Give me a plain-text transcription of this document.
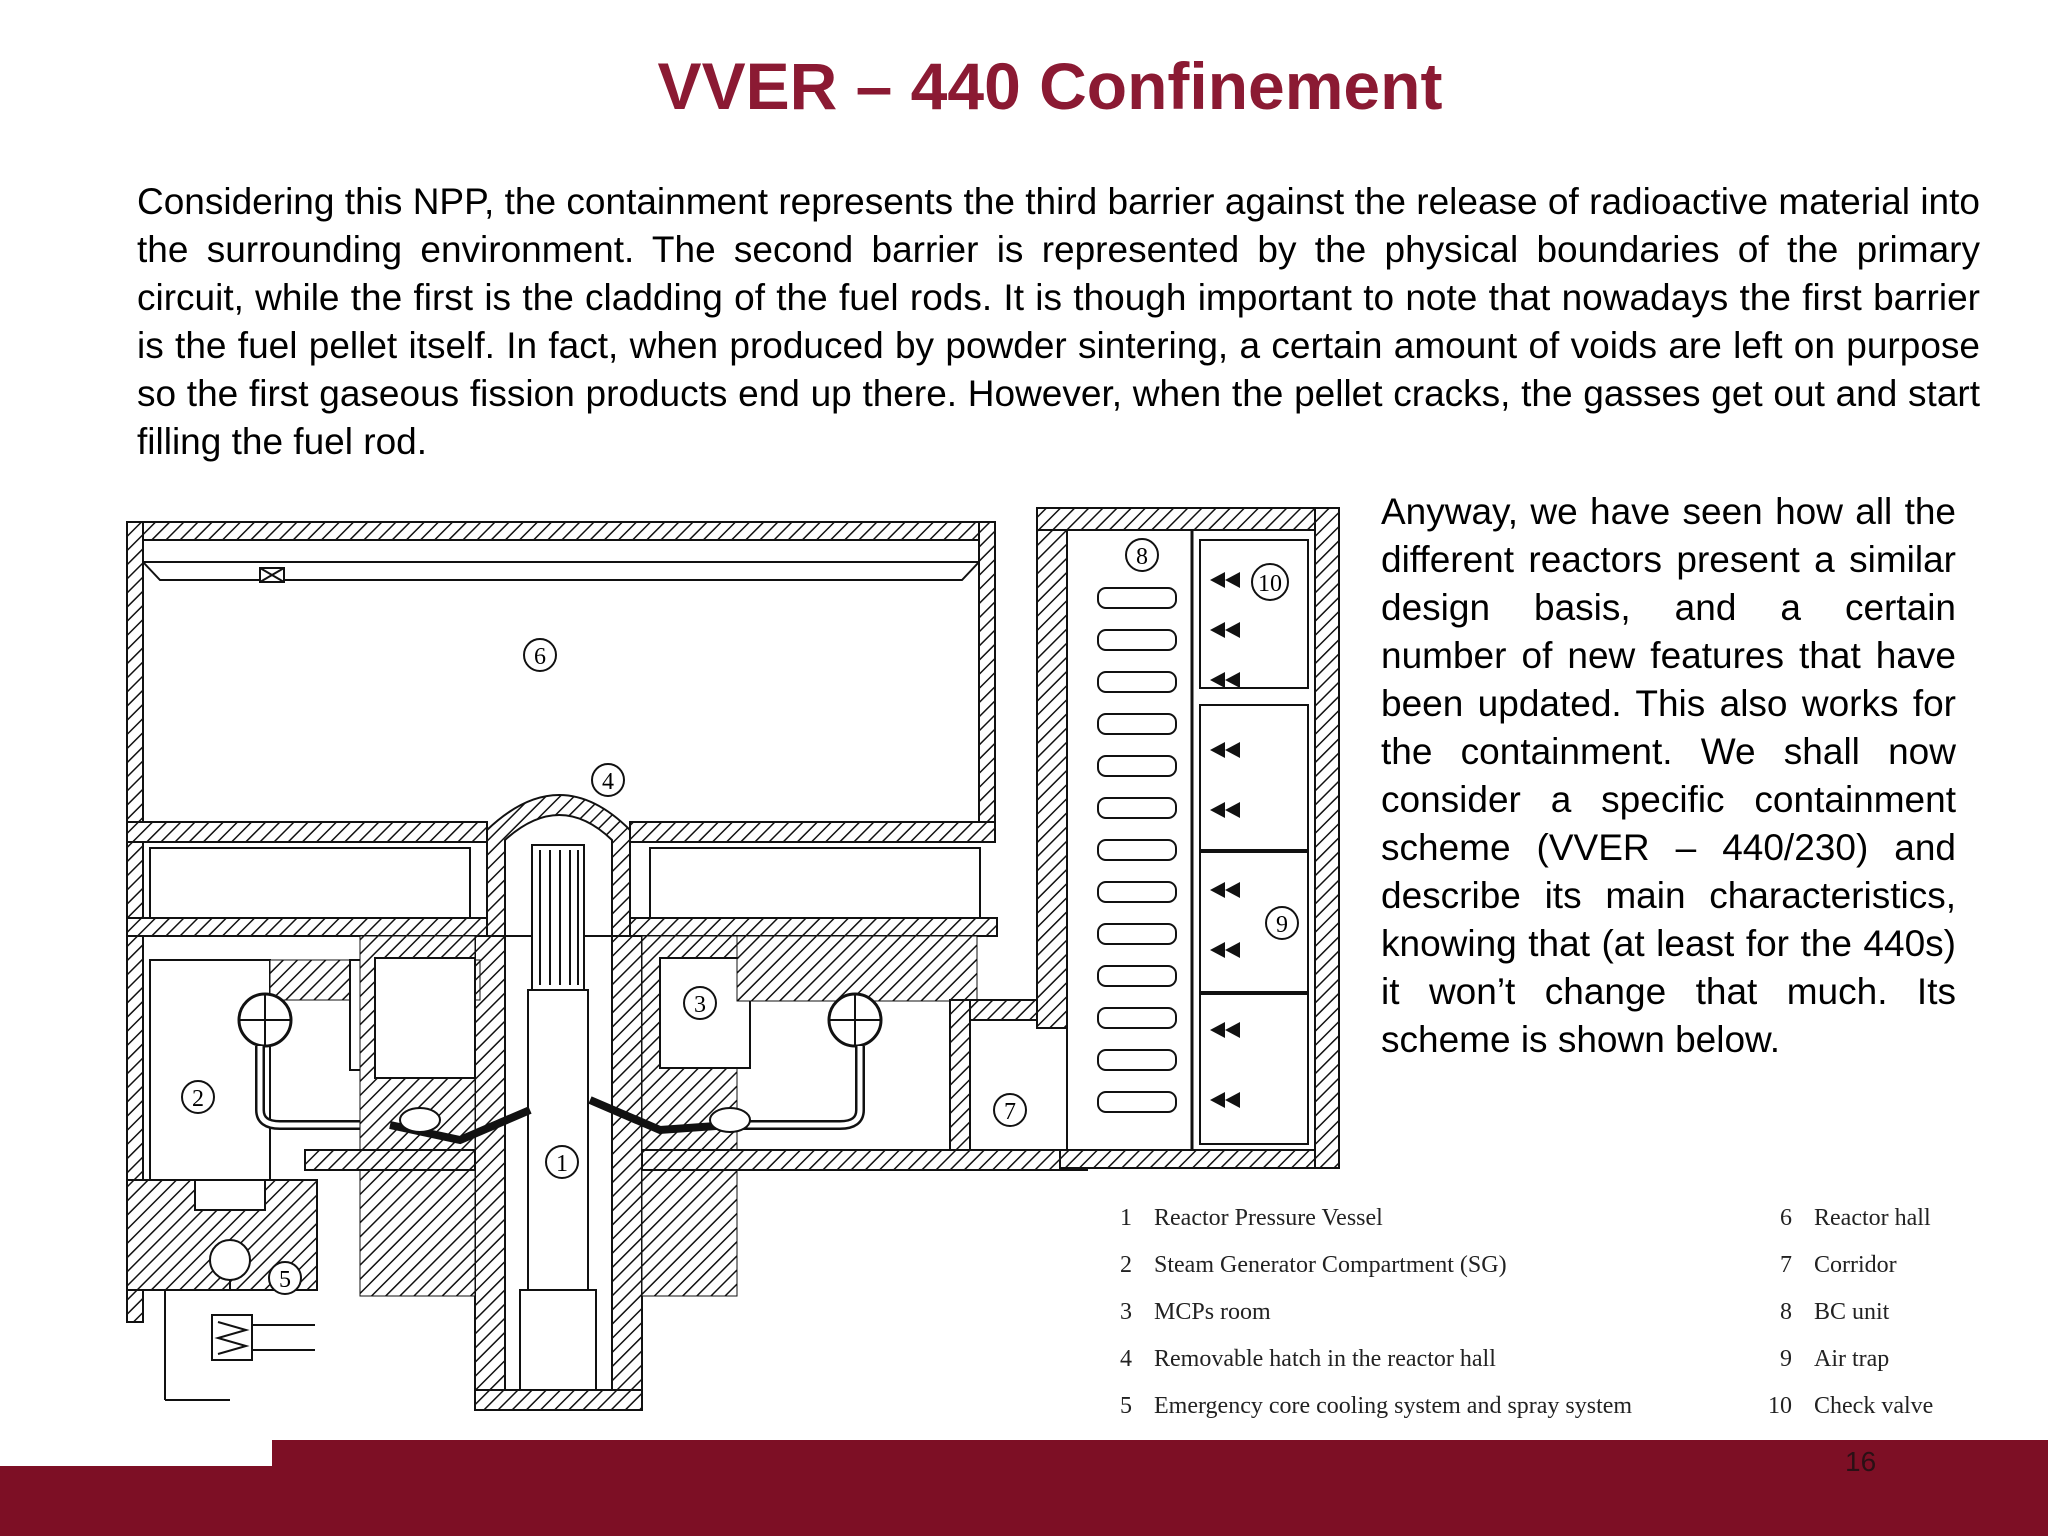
VVER – 440 Confinement

Considering this NPP, the containment represents the third barrier against the release of radioactive material into the surrounding environment. The second barrier is represented by the physical boundaries of the primary circuit, while the first is the cladding of the fuel rods. It is though important to note that nowadays the first barrier is the fuel pellet itself. In fact, when produced by powder sintering, a certain amount of voids are left on purpose so the first gaseous fission products end up there. However, when the pellet cracks, the gasses get out and start filling the fuel rod.

Anyway, we have seen how all the different reactors present a similar design basis, and a certain number of new features that have been updated. This also works for the containment. We shall now consider a specific containment scheme (VVER – 440/230) and describe its main characteristics, knowing that (at least for the 440s) it won’t change that much. Its scheme is shown below.

1
2
3
4
5
6
7
8
9
10
1 Reactor Pressure Vessel
2 Steam Generator Compartment (SG)
3 MCPs room
4 Removable hatch in the reactor hall
5 Emergency core cooling system and spray system
6 Reactor hall
7 Corridor
8 BC unit
9 Air trap
10 Check valve
16
